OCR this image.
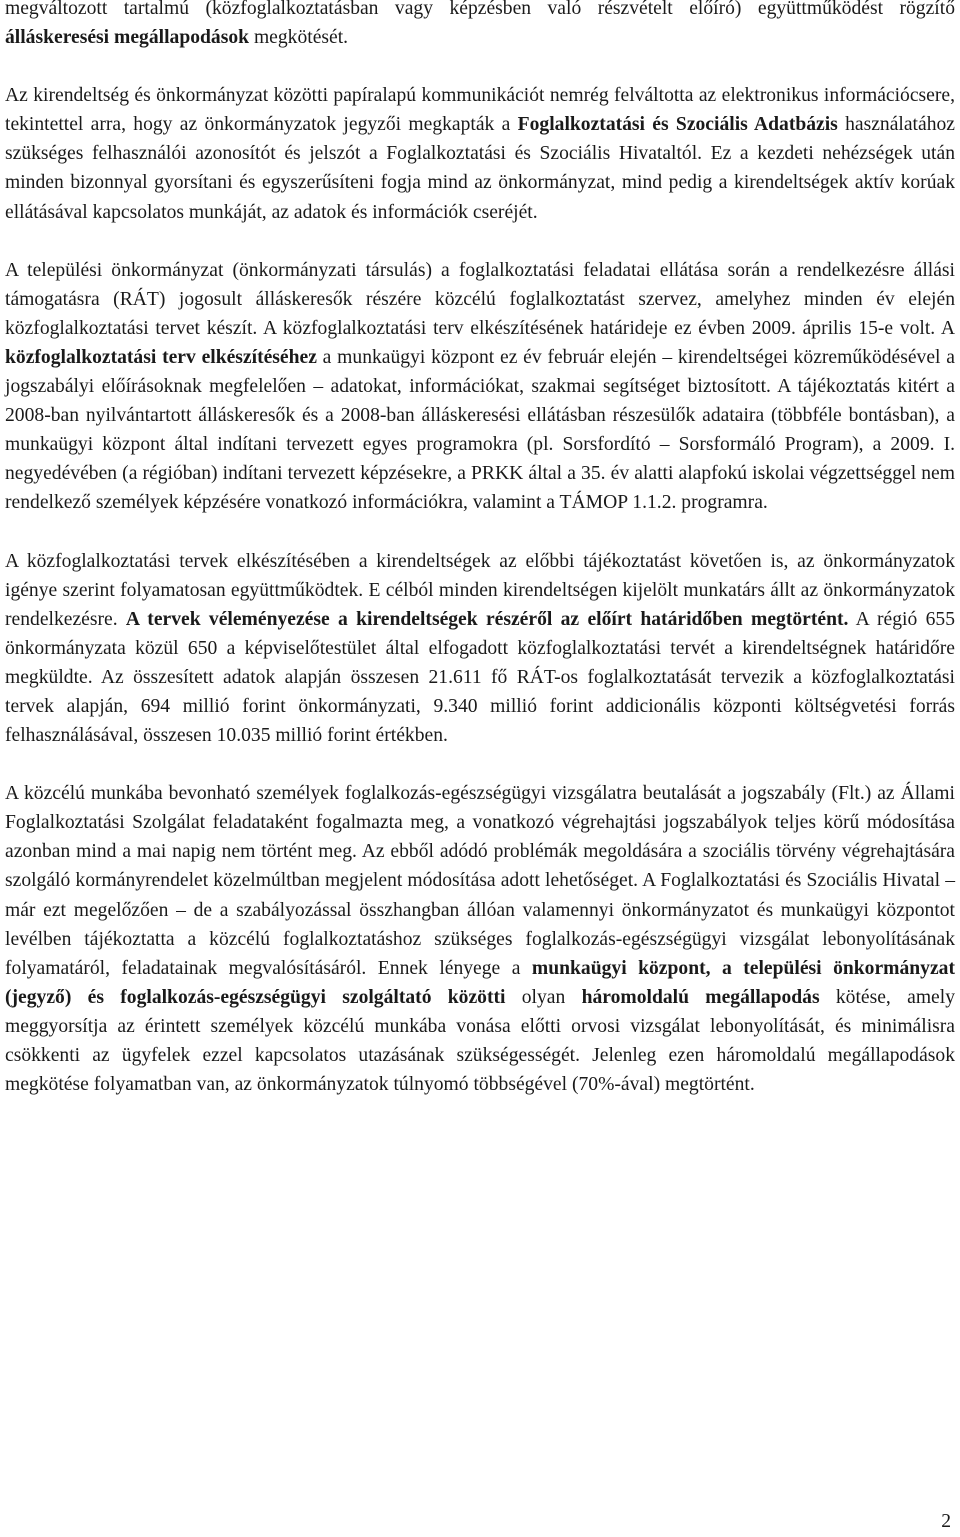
megváltozott tartalmú (közfoglalkoztatásban vagy képzésben való részvételt előíró) együttműködést rögzítő álláskeresési megállapodások megkötését.

Az kirendeltség és önkormányzat közötti papíralapú kommunikációt nemrég felváltotta az elektronikus információcsere, tekintettel arra, hogy az önkormányzatok jegyzői megkapták a Foglalkoztatási és Szociális Adatbázis használatához szükséges felhasználói azonosítót és jelszót a Foglalkoztatási és Szociális Hivataltól. Ez a kezdeti nehézségek után minden bizonnyal gyorsítani és egyszerűsíteni fogja mind az önkormányzat, mind pedig a kirendeltségek aktív korúak ellátásával kapcsolatos munkáját, az adatok és információk cseréjét.

A települési önkormányzat (önkormányzati társulás) a foglalkoztatási feladatai ellátása során a rendelkezésre állási támogatásra (RÁT) jogosult álláskeresők részére közcélú foglalkoztatást szervez, amelyhez minden év elején közfoglalkoztatási tervet készít. A közfoglalkoztatási terv elkészítésének határideje ez évben 2009. április 15-e volt. A közfoglalkoztatási terv elkészítéséhez a munkaügyi központ ez év február elején – kirendeltségei közreműködésével a jogszabályi előírásoknak megfelelően – adatokat, információkat, szakmai segítséget biztosított. A tájékoztatás kitért a 2008-ban nyilvántartott álláskeresők és a 2008-ban álláskeresési ellátásban részesülők adataira (többféle bontásban), a munkaügyi központ által indítani tervezett egyes programokra (pl. Sorsfordító – Sorsformáló Program), a 2009. I. negyedévében (a régióban) indítani tervezett képzésekre, a PRKK által a 35. év alatti alapfokú iskolai végzettséggel nem rendelkező személyek képzésére vonatkozó információkra, valamint a TÁMOP 1.1.2. programra.

A közfoglalkoztatási tervek elkészítésében a kirendeltségek az előbbi tájékoztatást követően is, az önkormányzatok igénye szerint folyamatosan együttműködtek. E célból minden kirendeltségen kijelölt munkatárs állt az önkormányzatok rendelkezésre. A tervek véleményezése a kirendeltségek részéről az előírt határidőben megtörtént. A régió 655 önkormányzata közül 650 a képviselőtestület által elfogadott közfoglalkoztatási tervét a kirendeltségnek határidőre megküldte. Az összesített adatok alapján összesen 21.611 fő RÁT-os foglalkoztatását tervezik a közfoglalkoztatási tervek alapján, 694 millió forint önkormányzati, 9.340 millió forint addicionális központi költségvetési forrás felhasználásával, összesen 10.035 millió forint értékben.

A közcélú munkába bevonható személyek foglalkozás-egészségügyi vizsgálatra beutalását a jogszabály (Flt.) az Állami Foglalkoztatási Szolgálat feladataként fogalmazta meg, a vonatkozó végrehajtási jogszabályok teljes körű módosítása azonban mind a mai napig nem történt meg. Az ebből adódó problémák megoldására a szociális törvény végrehajtására szolgáló kormányrendelet közelmúltban megjelent módosítása adott lehetőséget. A Foglalkoztatási és Szociális Hivatal – már ezt megelőzően – de a szabályozással összhangban állóan valamennyi önkormányzatot és munkaügyi központot levélben tájékoztatta a közcélú foglalkoztatáshoz szükséges foglalkozás-egészségügyi vizsgálat lebonyolításának folyamatáról, feladatainak megvalósításáról. Ennek lényege a munkaügyi központ, a települési önkormányzat (jegyző) és foglalkozás-egészségügyi szolgáltató közötti olyan háromoldalú megállapodás kötése, amely meggyorsítja az érintett személyek közcélú munkába vonása előtti orvosi vizsgálat lebonyolítását, és minimálisra csökkenti az ügyfelek ezzel kapcsolatos utazásának szükségességét. Jelenleg ezen háromoldalú megállapodások megkötése folyamatban van, az önkormányzatok túlnyomó többségével (70%-ával) megtörtént.

2
